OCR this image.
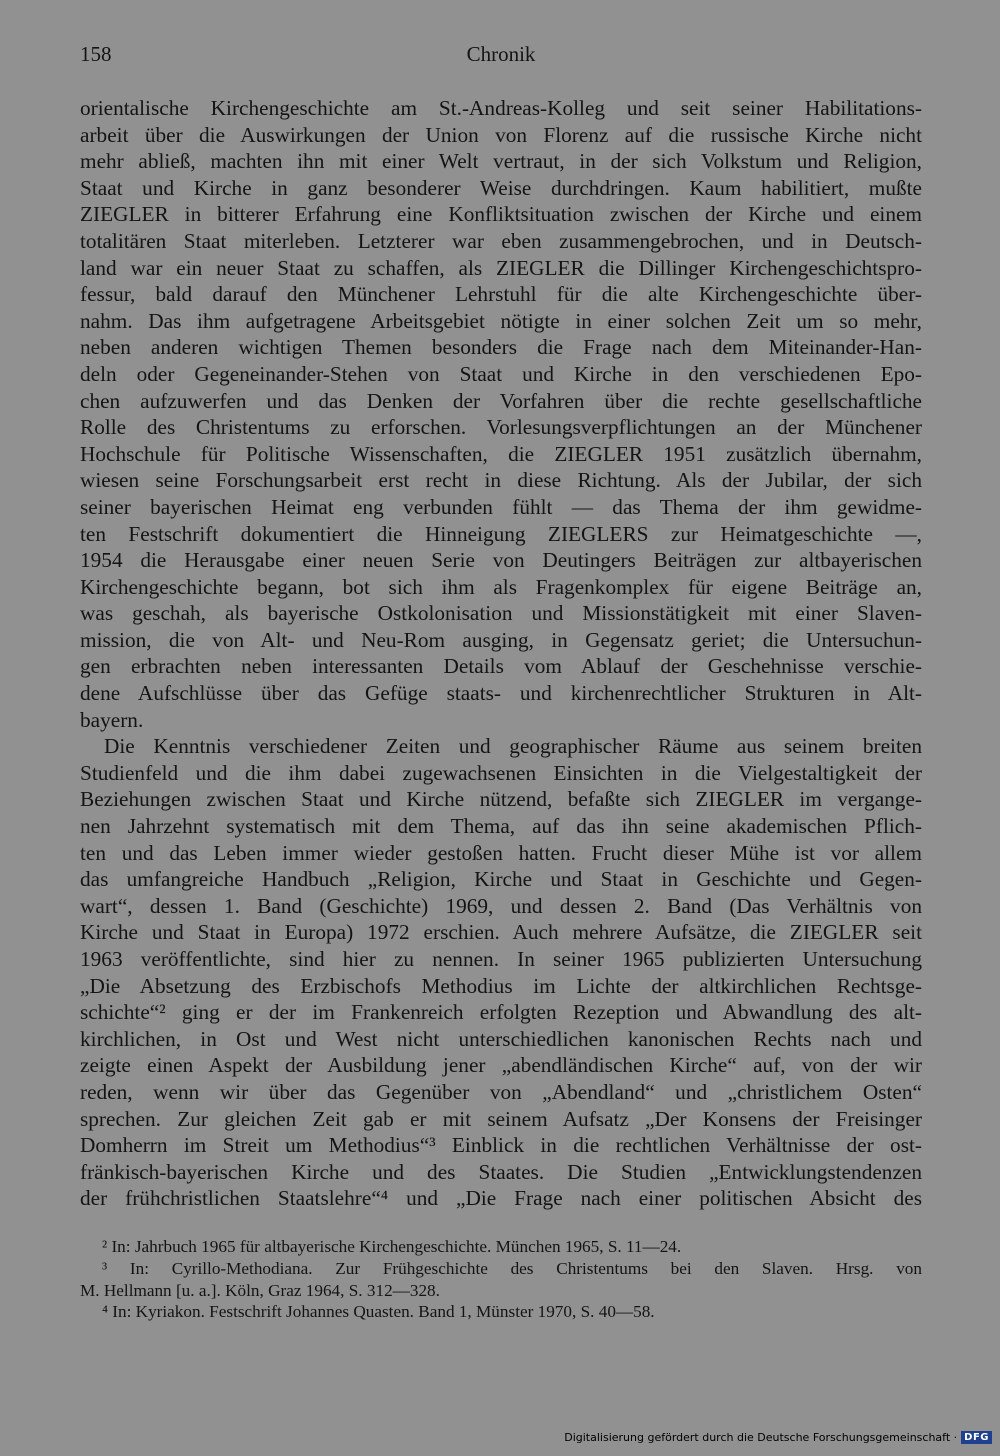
158	Chronik
orientalische Kirchengeschichte am St.-Andreas-Kolleg und seit seiner Habilitations-
arbeit über die Auswirkungen der Union von Florenz auf die russische Kirche nicht
mehr abließ, machten ihn mit einer Welt vertraut, in der sich Volkstum und Religion,
Staat und Kirche in ganz besonderer Weise durchdringen. Kaum habilitiert, mußte
ZIEGLER in bitterer Erfahrung eine Konfliktsituation zwischen der Kirche und einem
totalitären Staat miterleben. Letzterer war eben zusammengebrochen, und in Deutsch-
land war ein neuer Staat zu schaffen, als ZIEGLER die Dillinger Kirchengeschichtspro-
fessur, bald darauf den Münchener Lehrstuhl für die alte Kirchengeschichte über-
nahm. Das ihm aufgetragene Arbeitsgebiet nötigte in einer solchen Zeit um so mehr,
neben anderen wichtigen Themen besonders die Frage nach dem Miteinander-Han-
deln oder Gegeneinander-Stehen von Staat und Kirche in den verschiedenen Epo-
chen aufzuwerfen und das Denken der Vorfahren über die rechte gesellschaftliche
Rolle des Christentums zu erforschen. Vorlesungsverpflichtungen an der Münchener
Hochschule für Politische Wissenschaften, die ZIEGLER 1951 zusätzlich übernahm,
wiesen seine Forschungsarbeit erst recht in diese Richtung. Als der Jubilar, der sich
seiner bayerischen Heimat eng verbunden fühlt — das Thema der ihm gewidme-
ten Festschrift dokumentiert die Hinneigung ZIEGLERS zur Heimatgeschichte —,
1954 die Herausgabe einer neuen Serie von Deutingers Beiträgen zur altbayerischen
Kirchengeschichte begann, bot sich ihm als Fragenkomplex für eigene Beiträge an,
was geschah, als bayerische Ostkolonisation und Missionstätigkeit mit einer Slaven-
mission, die von Alt- und Neu-Rom ausging, in Gegensatz geriet; die Untersuchun-
gen erbrachten neben interessanten Details vom Ablauf der Geschehnisse verschie-
dene Aufschlüsse über das Gefüge staats- und kirchenrechtlicher Strukturen in Alt-
bayern.
Die Kenntnis verschiedener Zeiten und geographischer Räume aus seinem breiten
Studienfeld und die ihm dabei zugewachsenen Einsichten in die Vielgestaltigkeit der
Beziehungen zwischen Staat und Kirche nützend, befaßte sich ZIEGLER im vergange-
nen Jahrzehnt systematisch mit dem Thema, auf das ihn seine akademischen Pflich-
ten und das Leben immer wieder gestoßen hatten. Frucht dieser Mühe ist vor allem
das umfangreiche Handbuch „Religion, Kirche und Staat in Geschichte und Gegen-
wart“, dessen 1. Band (Geschichte) 1969, und dessen 2. Band (Das Verhältnis von
Kirche und Staat in Europa) 1972 erschien. Auch mehrere Aufsätze, die ZIEGLER seit
1963 veröffentlichte, sind hier zu nennen. In seiner 1965 publizierten Untersuchung
„Die Absetzung des Erzbischofs Methodius im Lichte der altkirchlichen Rechtsge-
schichte“² ging er der im Frankenreich erfolgten Rezeption und Abwandlung des alt-
kirchlichen, in Ost und West nicht unterschiedlichen kanonischen Rechts nach und
zeigte einen Aspekt der Ausbildung jener „abendländischen Kirche“ auf, von der wir
reden, wenn wir über das Gegenüber von „Abendland“ und „christlichem Osten“
sprechen. Zur gleichen Zeit gab er mit seinem Aufsatz „Der Konsens der Freisinger
Domherrn im Streit um Methodius“³ Einblick in die rechtlichen Verhältnisse der ost-
fränkisch-bayerischen Kirche und des Staates. Die Studien „Entwicklungstendenzen
der frühchristlichen Staatslehre“⁴ und „Die Frage nach einer politischen Absicht des
² In: Jahrbuch 1965 für altbayerische Kirchengeschichte. München 1965, S. 11—24.
³ In: Cyrillo-Methodiana. Zur Frühgeschichte des Christentums bei den Slaven. Hrsg. von
M. Hellmann [u. a.]. Köln, Graz 1964, S. 312—328.
⁴ In: Kyriakon. Festschrift Johannes Quasten. Band 1, Münster 1970, S. 40—58.
Digitalisierung gefördert durch die Deutsche Forschungsgemeinschaft · DFG
